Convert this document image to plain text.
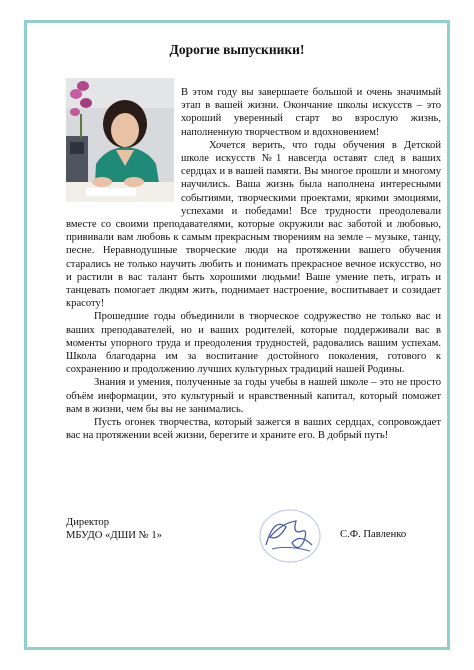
Дорогие выпускники!

В этом году вы завершаете большой и очень значимый этап в вашей жизни. Окончание школы искусств – это хороший уверенный старт во взрослую жизнь, наполненную творчеством и вдохновением!

Хочется верить, что годы обучения в Детской школе искусств №1 навсегда оставят след в ваших сердцах и в вашей памяти. Вы многое прошли и многому научились. Ваша жизнь была наполнена интересными событиями, творческими проектами, яркими эмоциями, успехами и победами! Все трудности преодолевали вместе со своими преподавателями, которые окружили вас заботой и любовью, прививали вам любовь к самым прекрасным творениям на земле – музыке, танцу, песне. Неравнодушные творческие люди на протяжении вашего обучения старались не только научить любить и понимать прекрасное вечное искусство, но и растили в вас талант быть хорошими людьми! Ваше умение петь, играть и танцевать помогает людям жить, поднимает настроение, воспитывает и созидает красоту!

Прошедшие годы объединили в творческое содружество не только вас и ваших преподавателей, но и ваших родителей, которые поддерживали вас в моменты упорного труда и преодоления трудностей, радовались вашим успехам. Школа благодарна им за воспитание достойного поколения, готового к сохранению и продолжению лучших культурных традиций нашей Родины.

Знания и умения, полученные за годы учебы в нашей школе – это не просто объём информации, это культурный и нравственный капитал, который поможет вам в жизни, чем бы вы не занимались.

Пусть огонек творчества, который зажегся в ваших сердцах, сопровождает вас на протяжении всей жизни, берегите и храните его. В добрый путь!

Директор
МБУДО «ДШИ № 1»	С.Ф. Павленко
